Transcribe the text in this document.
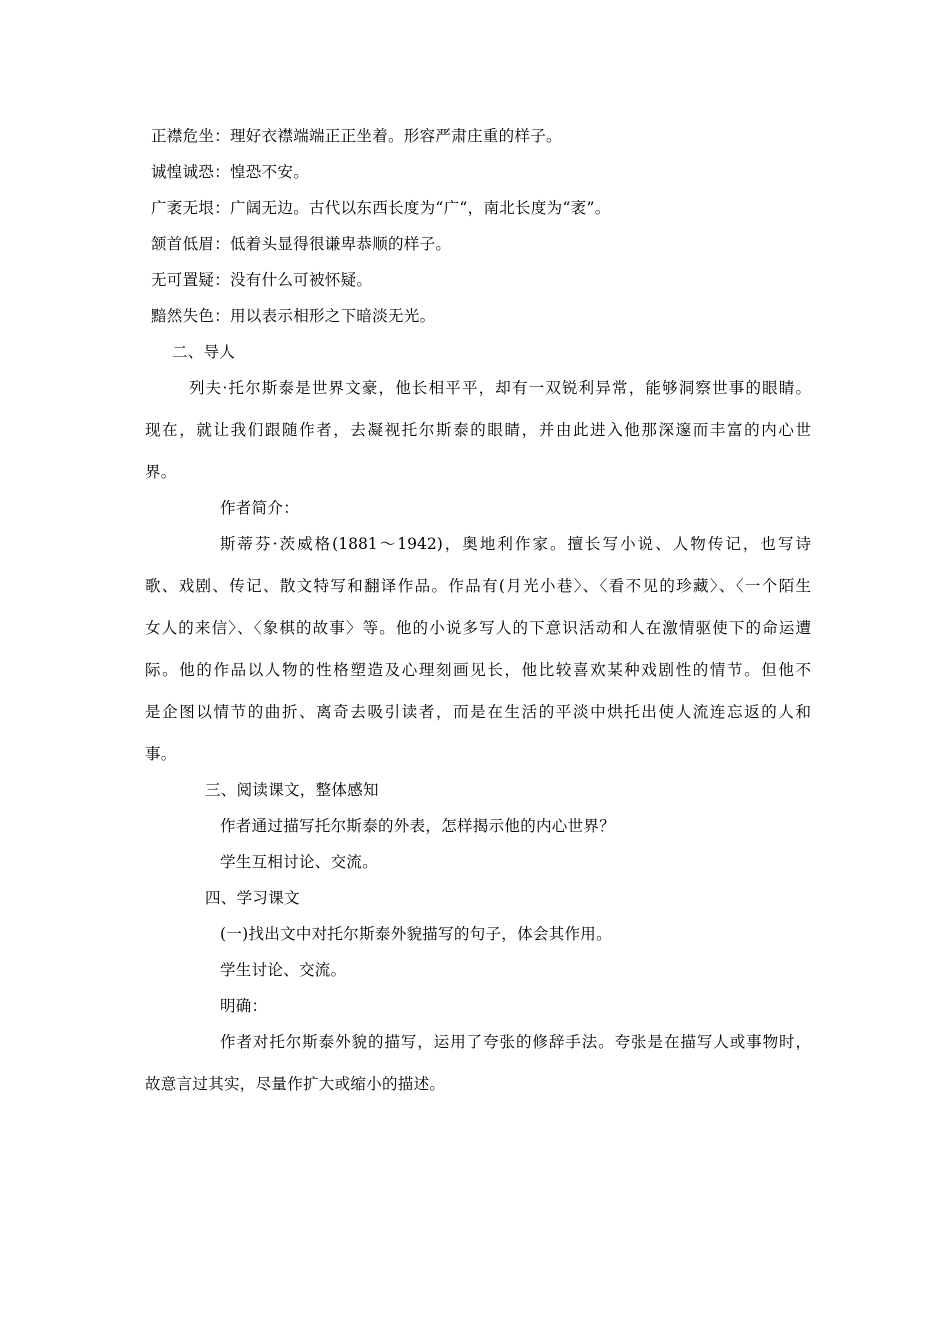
正襟危坐：理好衣襟端端正正坐着。形容严肃庄重的样子。
诚惶诚恐：惶恐不安。
广袤无垠：广阔无边。古代以东西长度为“广“，南北长度为“袤”。
颔首低眉：低着头显得很谦卑恭顺的样子。
无可置疑：没有什么可被怀疑。
黯然失色：用以表示相形之下暗淡无光。
二、导人
列夫·托尔斯泰是世界文豪，他长相平平，却有一双锐利异常，能够洞察世事的眼睛。
现在，就让我们跟随作者，去凝视托尔斯泰的眼睛，并由此进入他那深邃而丰富的内心世
界。
作者简介：
斯蒂芬·茨威格(1881～1942)，奥地利作家。擅长写小说、人物传记，也写诗
歌、戏剧、传记、散文特写和翻译作品。作品有(月光小巷〉、〈看不见的珍藏〉、〈一个陌生
女人的来信〉、〈象棋的故事〉等。他的小说多写人的下意识活动和人在激情驱使下的命运遭
际。他的作品以人物的性格塑造及心理刻画见长，他比较喜欢某种戏剧性的情节。但他不
是企图以情节的曲折、离奇去吸引读者，而是在生活的平淡中烘托出使人流连忘返的人和
事。
三、阅读课文，整体感知
作者通过描写托尔斯泰的外表，怎样揭示他的内心世界？
学生互相讨论、交流。
四、学习课文
(一)找出文中对托尔斯泰外貌描写的句子，体会其作用。
学生讨论、交流。
明确：
作者对托尔斯泰外貌的描写，运用了夸张的修辞手法。夸张是在描写人或事物时，
故意言过其实，尽量作扩大或缩小的描述。
